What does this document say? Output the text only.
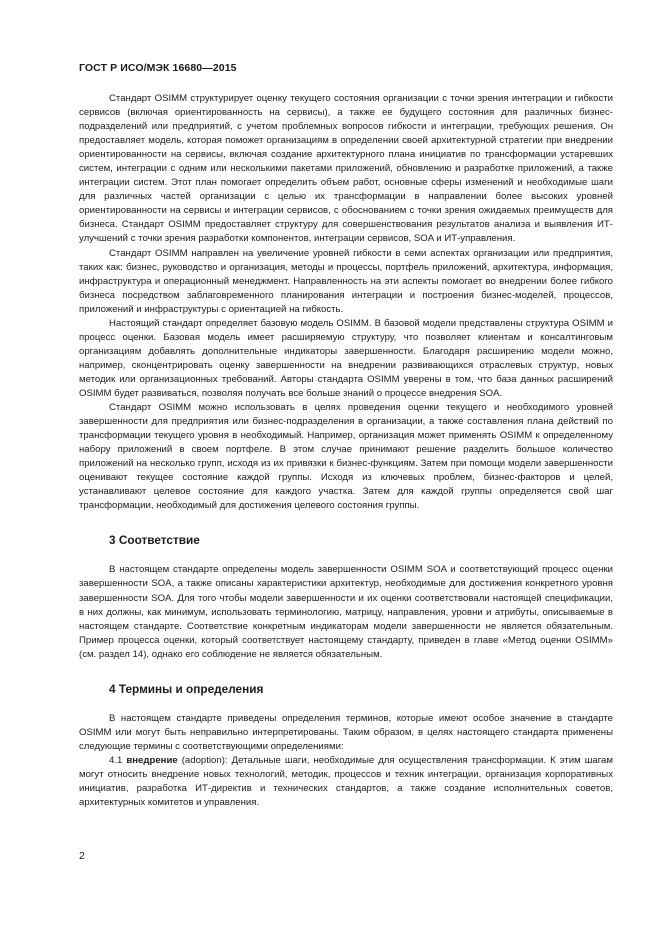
ГОСТ Р ИСО/МЭК 16680—2015

Стандарт OSIMM структурирует оценку текущего состояния организации с точки зрения интеграции и гибкости сервисов (включая ориентированность на сервисы), а также ее будущего состояния для различных бизнес-подразделений или предприятий, с учетом проблемных вопросов гибкости и интеграции, требующих решения. Он предоставляет модель, которая поможет организациям в определении своей архитектурной стратегии при внедрении ориентированности на сервисы, включая создание архитектурного плана инициатив по трансформации устаревших систем, интеграции с одним или несколькими пакетами приложений, обновлению и разработке приложений, а также интеграции систем. Этот план помогает определить объем работ, основные сферы изменений и необходимые шаги для различных частей организации с целью их трансформации в направлении более высоких уровней ориентированности на сервисы и интеграции сервисов, с обоснованием с точки зрения ожидаемых преимуществ для бизнеса. Стандарт OSIMM предоставляет структуру для совершенствования результатов анализа и выявления ИТ-улучшений с точки зрения разработки компонентов, интеграции сервисов, SOA и ИТ-управления.

Стандарт OSIMM направлен на увеличение уровней гибкости в семи аспектах организации или предприятия, таких как: бизнес, руководство и организация, методы и процессы, портфель приложений, архитектура, информация, инфраструктура и операционный менеджмент. Направленность на эти аспекты помогает во внедрении более гибкого бизнеса посредством заблаговременного планирования интеграции и построения бизнес-моделей, процессов, приложений и инфраструктуры с ориентацией на гибкость.

Настоящий стандарт определяет базовую модель OSIMM. В базовой модели представлены структура OSIMM и процесс оценки. Базовая модель имеет расширяемую структуру, что позволяет клиентам и консалтинговым организациям добавлять дополнительные индикаторы завершенности. Благодаря расширению модели можно, например, сконцентрировать оценку завершенности на внедрении развивающихся отраслевых структур, новых методик или организационных требований. Авторы стандарта OSIMM уверены в том, что база данных расширений OSIMM будет развиваться, позволяя получать все больше знаний о процессе внедрения SOA.

Стандарт OSIMM можно использовать в целях проведения оценки текущего и необходимого уровней завершенности для предприятия или бизнес-подразделения в организации, а также составления плана действий по трансформации текущего уровня в необходимый. Например, организация может применять OSIMM к определенному набору приложений в своем портфеле. В этом случае принимают решение разделить большое количество приложений на несколько групп, исходя из их привязки к бизнес-функциям. Затем при помощи модели завершенности оценивают текущее состояние каждой группы. Исходя из ключевых проблем, бизнес-факторов и целей, устанавливают целевое состояние для каждого участка. Затем для каждой группы определяется свой шаг трансформации, необходимый для достижения целевого состояния группы.

3 Соответствие

В настоящем стандарте определены модель завершенности OSIMM SOA и соответствующий процесс оценки завершенности SOA, а также описаны характеристики архитектур, необходимые для достижения конкретного уровня завершенности SOA. Для того чтобы модели завершенности и их оценки соответствовали настоящей спецификации, в них должны, как минимум, использовать терминологию, матрицу, направления, уровни и атрибуты, описываемые в настоящем стандарте. Соответствие конкретным индикаторам модели завершенности не является обязательным. Пример процесса оценки, который соответствует настоящему стандарту, приведен в главе «Метод оценки OSIMM» (см. раздел 14), однако его соблюдение не является обязательным.

4 Термины и определения

В настоящем стандарте приведены определения терминов, которые имеют особое значение в стандарте OSIMM или могут быть неправильно интерпретированы. Таким образом, в целях настоящего стандарта применены следующие термины с соответствующими определениями:

4.1 внедрение (adoption): Детальные шаги, необходимые для осуществления трансформации. К этим шагам могут относить внедрение новых технологий, методик, процессов и техник интеграции, организация корпоративных инициатив, разработка ИТ-директив и технических стандартов, а также создание исполнительных советов, архитектурных комитетов и управления.

2
